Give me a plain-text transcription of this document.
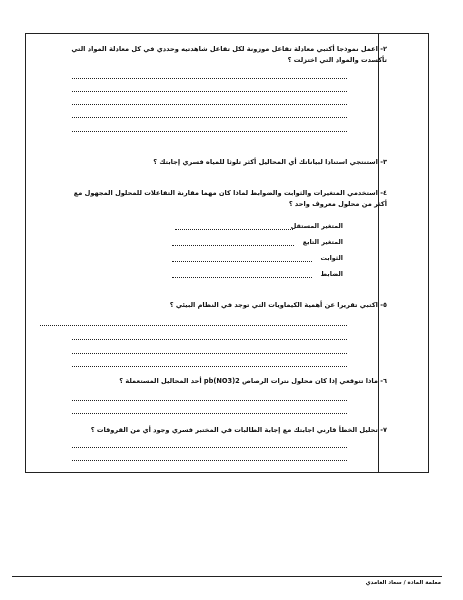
٢- اعمل نموذجا أكتبي معادلة تفاعل موزونة لكل تفاعل شاهدتيه وحددي في كل معادلة المواد التي تأكسدت والمواد التي اختزلت ؟
٣- استنتجي استنادا لبياناتك أي المحاليل أكثر تلوثا للمياه فسري إجابتك ؟
٤- استخدمي المتغيرات والثوابت والضوابط لماذا كان مهما مقارنة التفاعلات للمحلول المجهول مع أكثر من محلول معروف واحد ؟
المتغير المستقل
المتغير التابع
الثوابت
الضابط
٥- اكتبي تقريرا عن أهمية الكيماويات التي توجد في النظام البيئي ؟
٦- ماذا تتوقعي إذا كان محلول نترات الرصاص pb(NO3)2 أحد المحاليل المستعملة ؟
٧- تحليل الخطأ قارني اجابتك مع إجابة الطالبات في المختبر فسري وجود أي من الفروقات ؟
معلمة المادة / سعاد الغامدي
